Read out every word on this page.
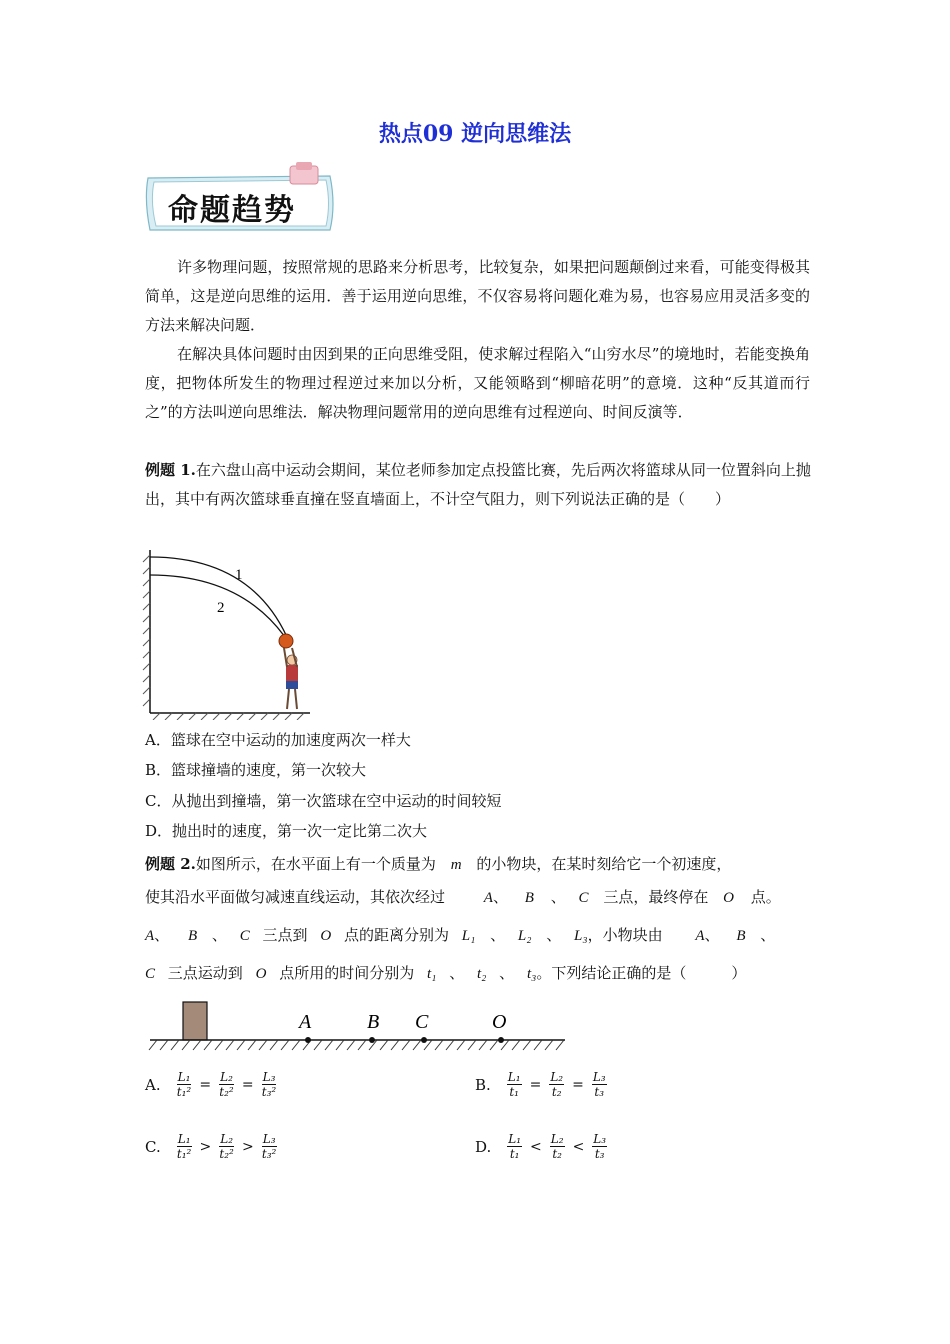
热点09 逆向思维法
命题趋势

许多物理问题，按照常规的思路来分析思考，比较复杂，如果把问题颠倒过来看，可能变得极其简单，这是逆向思维的运用．善于运用逆向思维，不仅容易将问题化难为易，也容易应用灵活多变的方法来解决问题．

在解决具体问题时由因到果的正向思维受阻，使求解过程陷入“山穷水尽”的境地时，若能变换角度，把物体所发生的物理过程逆过来加以分析，又能领略到“柳暗花明”的意境．这种“反其道而行之”的方法叫逆向思维法．解决物理问题常用的逆向思维有过程逆向、时间反演等．

例题 1.在六盘山高中运动会期间，某位老师参加定点投篮比赛，先后两次将篮球从同一位置斜向上抛出，其中有两次篮球垂直撞在竖直墙面上，不计空气阻力，则下列说法正确的是（　　）

1
2
A．篮球在空中运动的加速度两次一样大
B．篮球撞墙的速度，第一次较大
C．从抛出到撞墙，第一次篮球在空中运动的时间较短
D．抛出时的速度，第一次一定比第二次大
例题 2.如图所示，在水平面上有一个质量为 m 的小物块，在某时刻给它一个初速度，
使其沿水平面做匀减速直线运动，其依次经过	A、 B 、 C 三点，最终停在 O 点。
A、 B 、 C 三点到 O 点的距离分别为 L₁ 、 L₂ 、 L₃，小物块由 A、 B 、
C 三点运动到 O 点所用的时间分别为 t₁ 、 t₂ 、 t₃。下列结论正确的是（　　　）
A	B C	O
A. $\frac{\text{L₁}}{\text{t₁²}} = \frac{\text{L₂}}{\text{t₂²}} = \frac{\text{L₃}}{\text{t₃²}}$	B. $\frac{\text{L₁}}{\text{t₁}} = \frac{\text{L₂}}{\text{t₂}} = \frac{\text{L₃}}{\text{t₃}}$
C. $\frac{\text{L₁}}{\text{t₁²}} > \frac{\text{L₂}}{\text{t₂²}} > \frac{\text{L₃}}{\text{t₃²}}$	D. $\frac{\text{L₁}}{\text{t₁}} < \frac{\text{L₂}}{\text{t₂}} < \frac{\text{L₃}}{\text{t₃}}$
